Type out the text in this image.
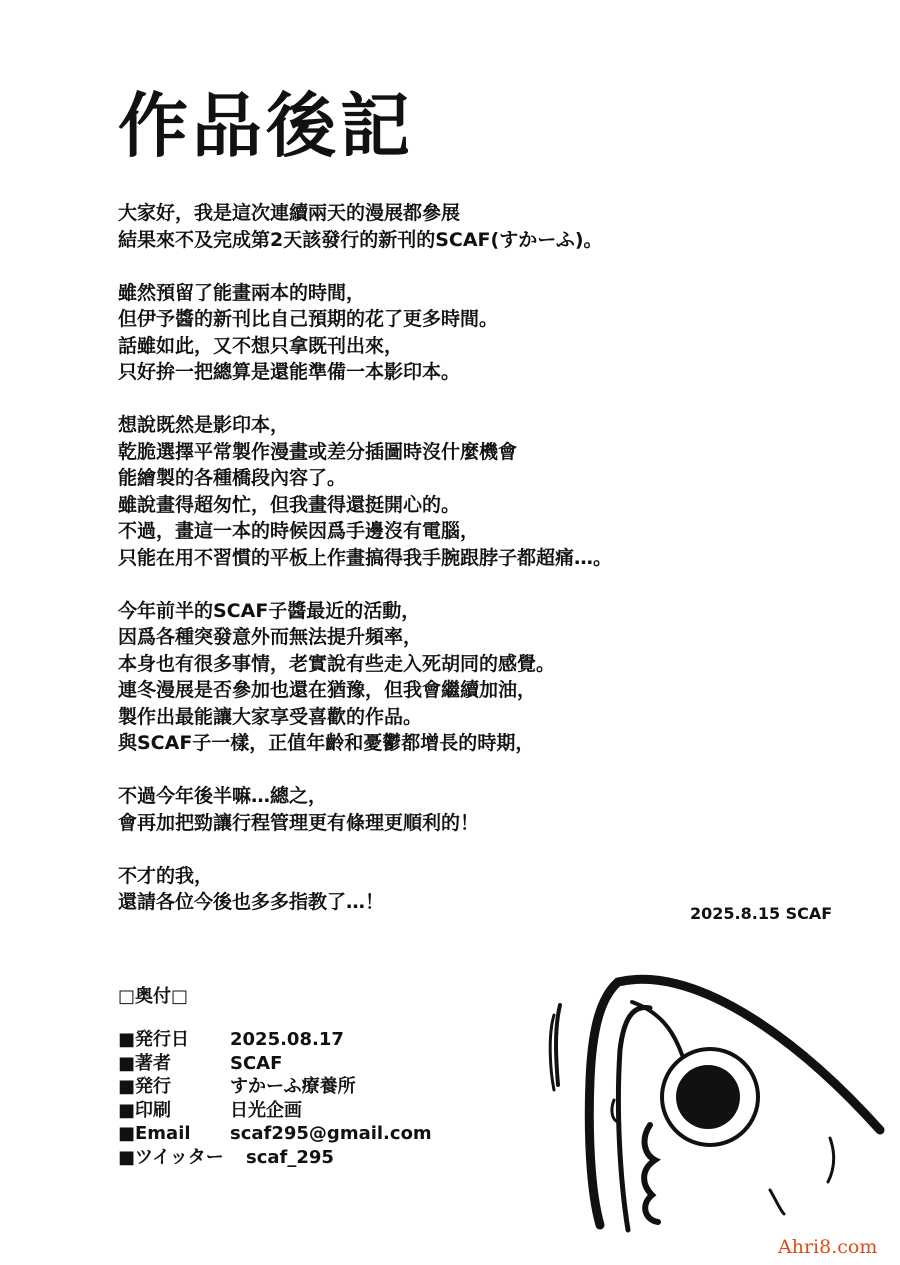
作品後記

大家好，我是這次連續兩天的漫展都參展
結果來不及完成第2天該發行的新刊的SCAF(すかーふ)。

雖然預留了能畫兩本的時間，
但伊予醬的新刊比自己預期的花了更多時間。
話雖如此，又不想只拿既刊出來，
只好拚一把總算是還能準備一本影印本。

想說既然是影印本，
乾脆選擇平常製作漫畫或差分插圖時沒什麼機會
能繪製的各種橋段內容了。
雖說畫得超匆忙，但我畫得還挺開心的。
不過，畫這一本的時候因爲手邊沒有電腦，
只能在用不習慣的平板上作畫搞得我手腕跟脖子都超痛…。

今年前半的SCAF子醬最近的活動，
因爲各種突發意外而無法提升頻率，
本身也有很多事情，老實說有些走入死胡同的感覺。
連冬漫展是否參加也還在猶豫，但我會繼續加油，
製作出最能讓大家享受喜歡的作品。
與SCAF子一樣，正值年齡和憂鬱都增長的時期，

不過今年後半嘛…總之，
會再加把勁讓行程管理更有條理更順利的！

不才的我，
還請各位今後也多多指教了…！

2025.8.15 SCAF
□奥付□
■発行日	2025.08.17
■著者	SCAF
■発行	すかーふ療養所
■印刷	日光企画
■Email	scaf295@gmail.com
■ツイッター	scaf_295
Ahri8.com
